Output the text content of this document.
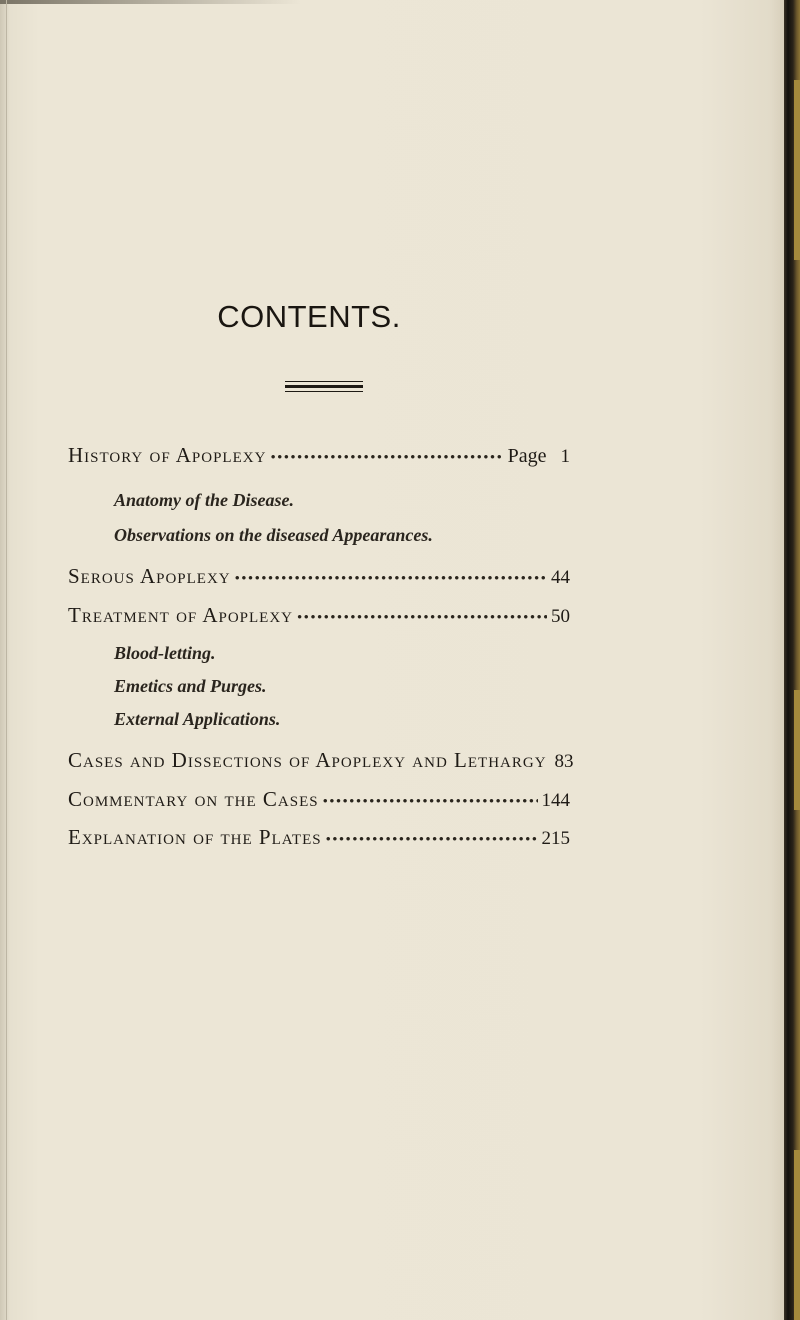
CONTENTS.
History of Apoplexy •••••	Page 1
Anatomy of the Disease.
Observations on the diseased Appearances.
Serous Apoplexy •••••	44
Treatment of Apoplexy •••••	50
Blood-letting.
Emetics and Purges.
External Applications.
Cases and Dissections of Apoplexy and Lethargy 83
Commentary on the Cases •••••	144
Explanation of the Plates •••••	215
